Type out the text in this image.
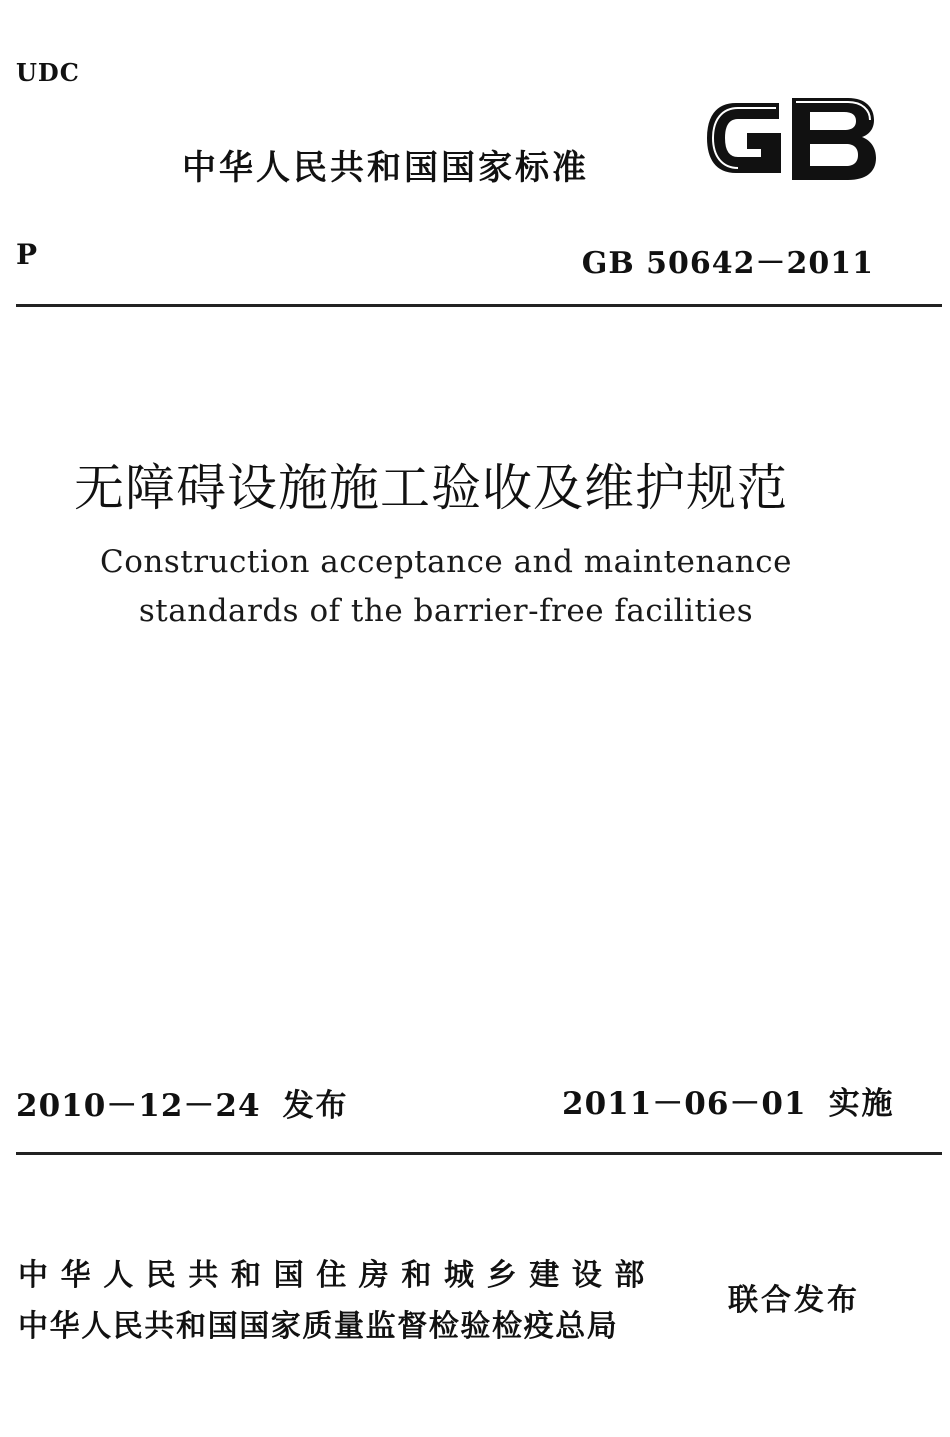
UDC
中华人民共和国国家标准
P	GB 50642－2011
无障碍设施施工验收及维护规范
Construction acceptance and maintenance
standards of the barrier-free facilities
2010－12－24 发布	2011－06－01 实施
中华人民共和国住房和城乡建设部
中华人民共和国国家质量监督检验检疫总局
联合发布
